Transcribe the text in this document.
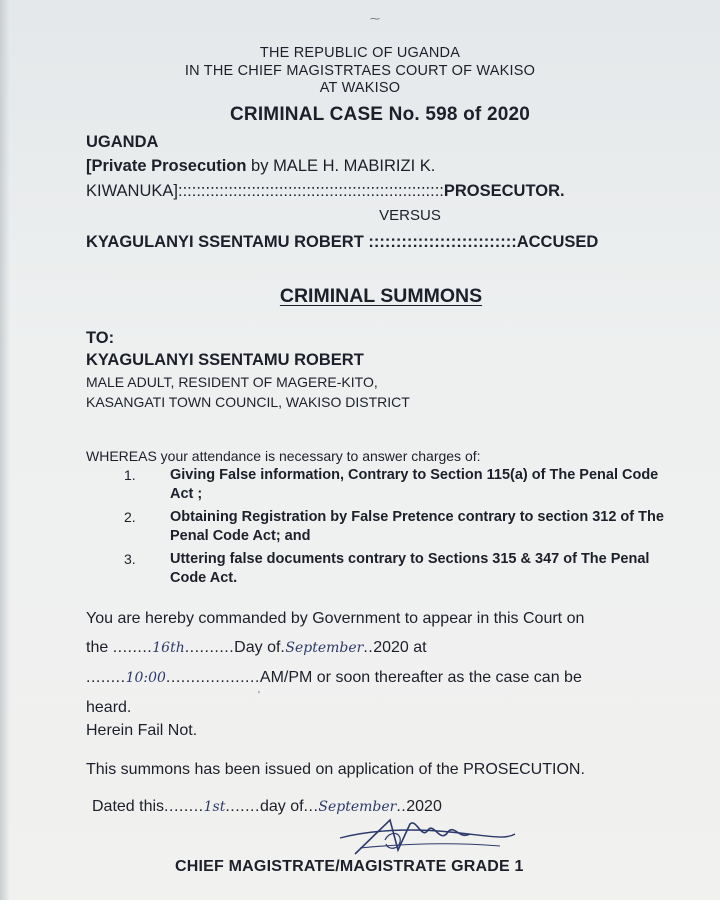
THE REPUBLIC OF UGANDA
IN THE CHIEF MAGISTRTAES COURT OF WAKISO
AT WAKISO
CRIMINAL CASE No. 598 of 2020
UGANDA
[Private Prosecution by MALE H. MABIRIZI K.
KIWANUKA]::::::::::::::::::::::::::::::::::::::::::::::::::::::::::PROSECUTOR.
VERSUS
KYAGULANYI SSENTAMU ROBERT :::::::::::::::::::::::::::ACCUSED
CRIMINAL SUMMONS
TO:
KYAGULANYI SSENTAMU ROBERT
MALE ADULT, RESIDENT OF MAGERE-KITO,
KASANGATI TOWN COUNCIL, WAKISO DISTRICT
WHEREAS your attendance is necessary to answer charges of:
1.	Giving False information, Contrary to Section 115(a) of The Penal Code Act ;
2.	Obtaining Registration by False Pretence contrary to section 312 of The Penal Code Act; and
3.	Uttering false documents contrary to Sections 315 & 347 of The Penal Code Act.
You are hereby commanded by Government to appear in this Court on
the ........16th..........Day of.September..2020 at
........10:00...................AM/PM or soon thereafter as the case can be
heard.
Herein Fail Not.
This summons has been issued on application of the PROSECUTION.
Dated this........1st.......day of...September..2020
CHIEF MAGISTRATE/MAGISTRATE GRADE 1
⁓
'
